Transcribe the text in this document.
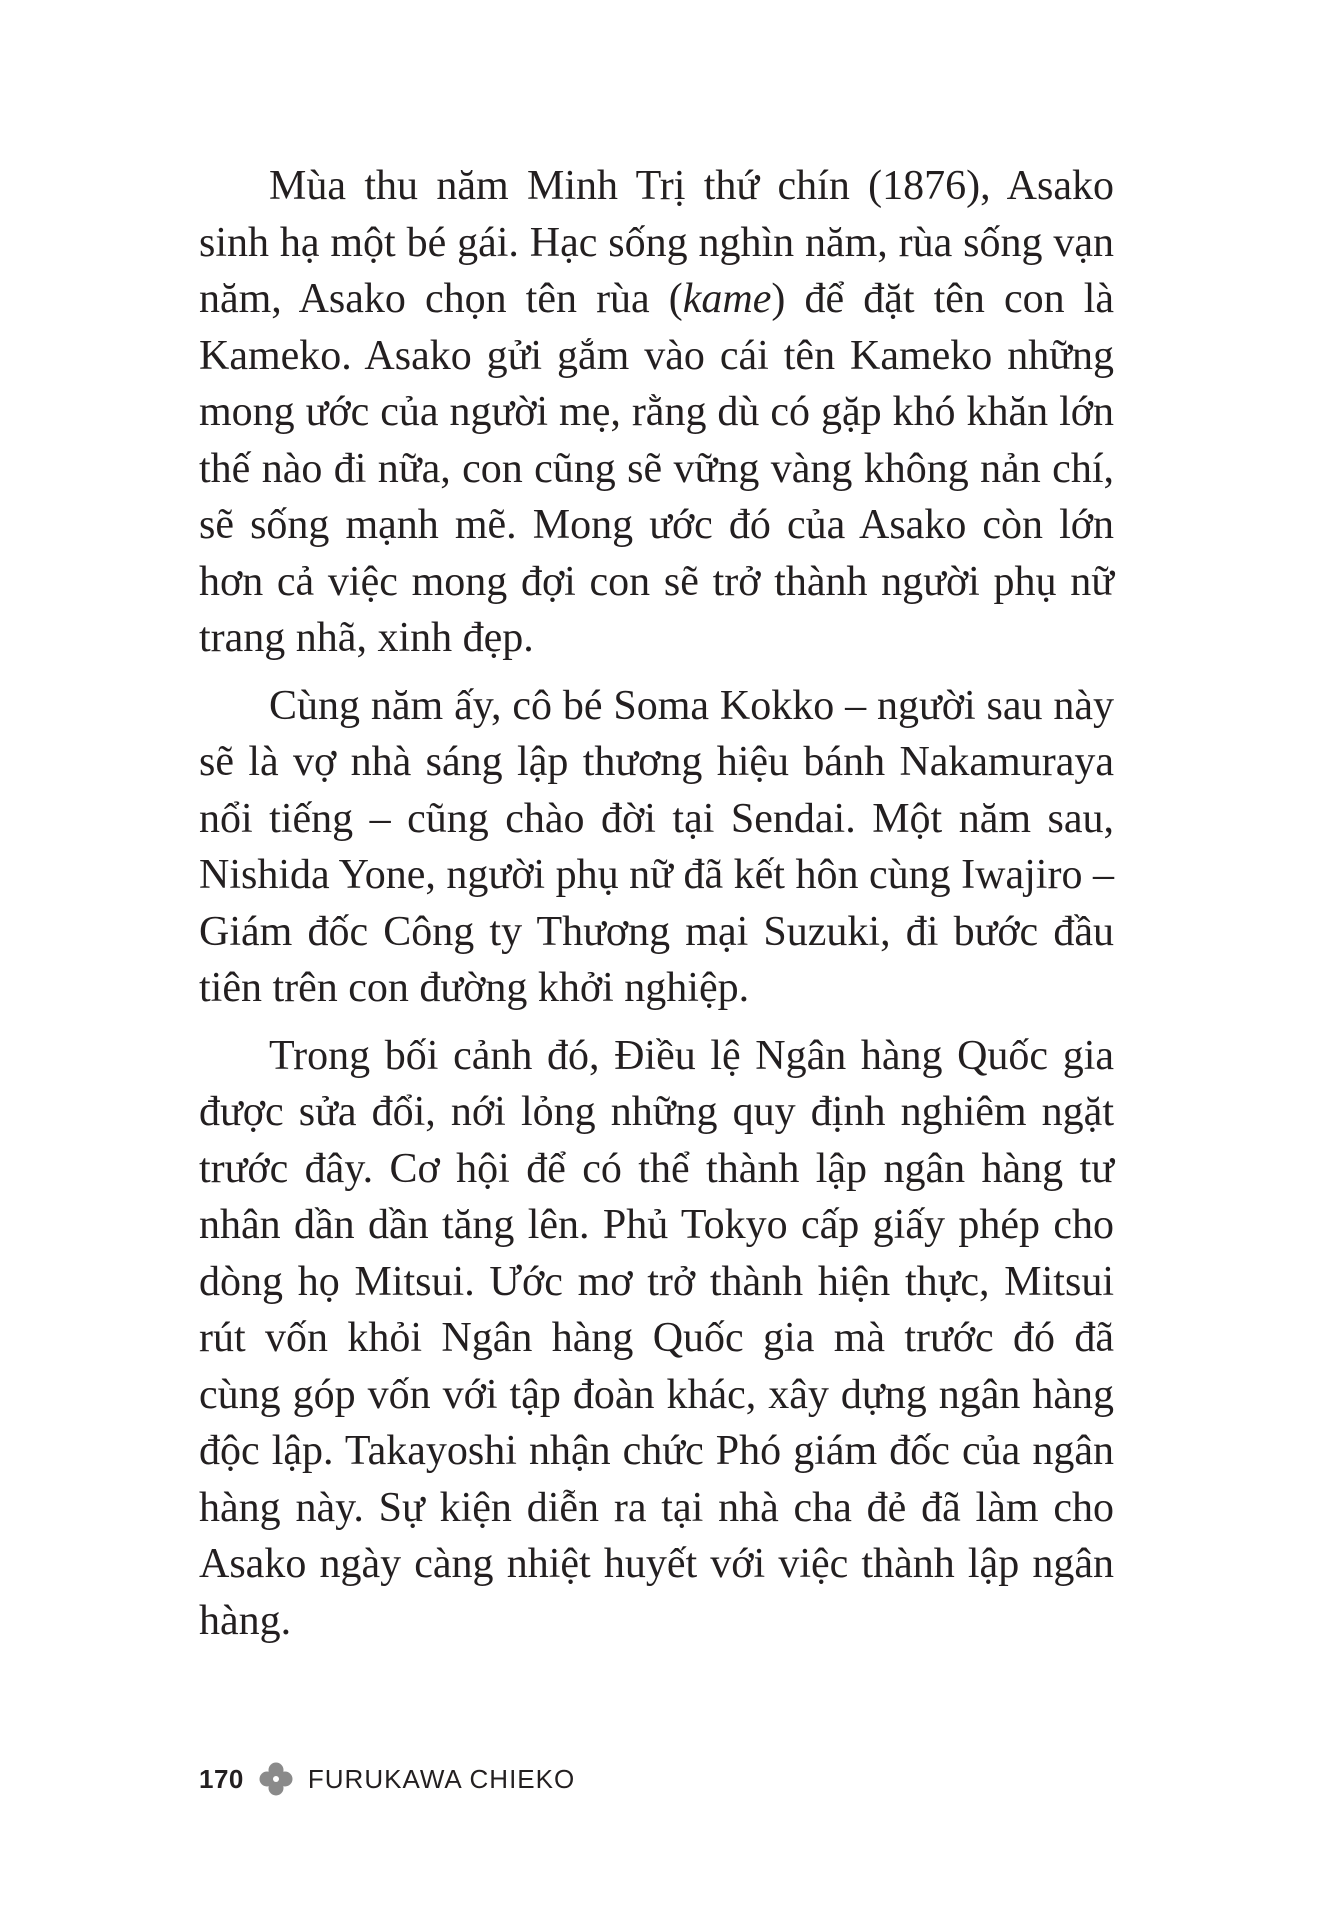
Mùa thu năm Minh Trị thứ chín (1876), Asako sinh hạ một bé gái. Hạc sống nghìn năm, rùa sống vạn năm, Asako chọn tên rùa (kame) để đặt tên con là Kameko. Asako gửi gắm vào cái tên Kameko những mong ước của người mẹ, rằng dù có gặp khó khăn lớn thế nào đi nữa, con cũng sẽ vững vàng không nản chí, sẽ sống mạnh mẽ. Mong ước đó của Asako còn lớn hơn cả việc mong đợi con sẽ trở thành người phụ nữ trang nhã, xinh đẹp.

Cùng năm ấy, cô bé Soma Kokko – người sau này sẽ là vợ nhà sáng lập thương hiệu bánh Nakamuraya nổi tiếng – cũng chào đời tại Sendai. Một năm sau, Nishida Yone, người phụ nữ đã kết hôn cùng Iwajiro – Giám đốc Công ty Thương mại Suzuki, đi bước đầu tiên trên con đường khởi nghiệp.

Trong bối cảnh đó, Điều lệ Ngân hàng Quốc gia được sửa đổi, nới lỏng những quy định nghiêm ngặt trước đây. Cơ hội để có thể thành lập ngân hàng tư nhân dần dần tăng lên. Phủ Tokyo cấp giấy phép cho dòng họ Mitsui. Ước mơ trở thành hiện thực, Mitsui rút vốn khỏi Ngân hàng Quốc gia mà trước đó đã cùng góp vốn với tập đoàn khác, xây dựng ngân hàng độc lập. Takayoshi nhận chức Phó giám đốc của ngân hàng này. Sự kiện diễn ra tại nhà cha đẻ đã làm cho Asako ngày càng nhiệt huyết với việc thành lập ngân hàng.

170 FURUKAWA CHIEKO
